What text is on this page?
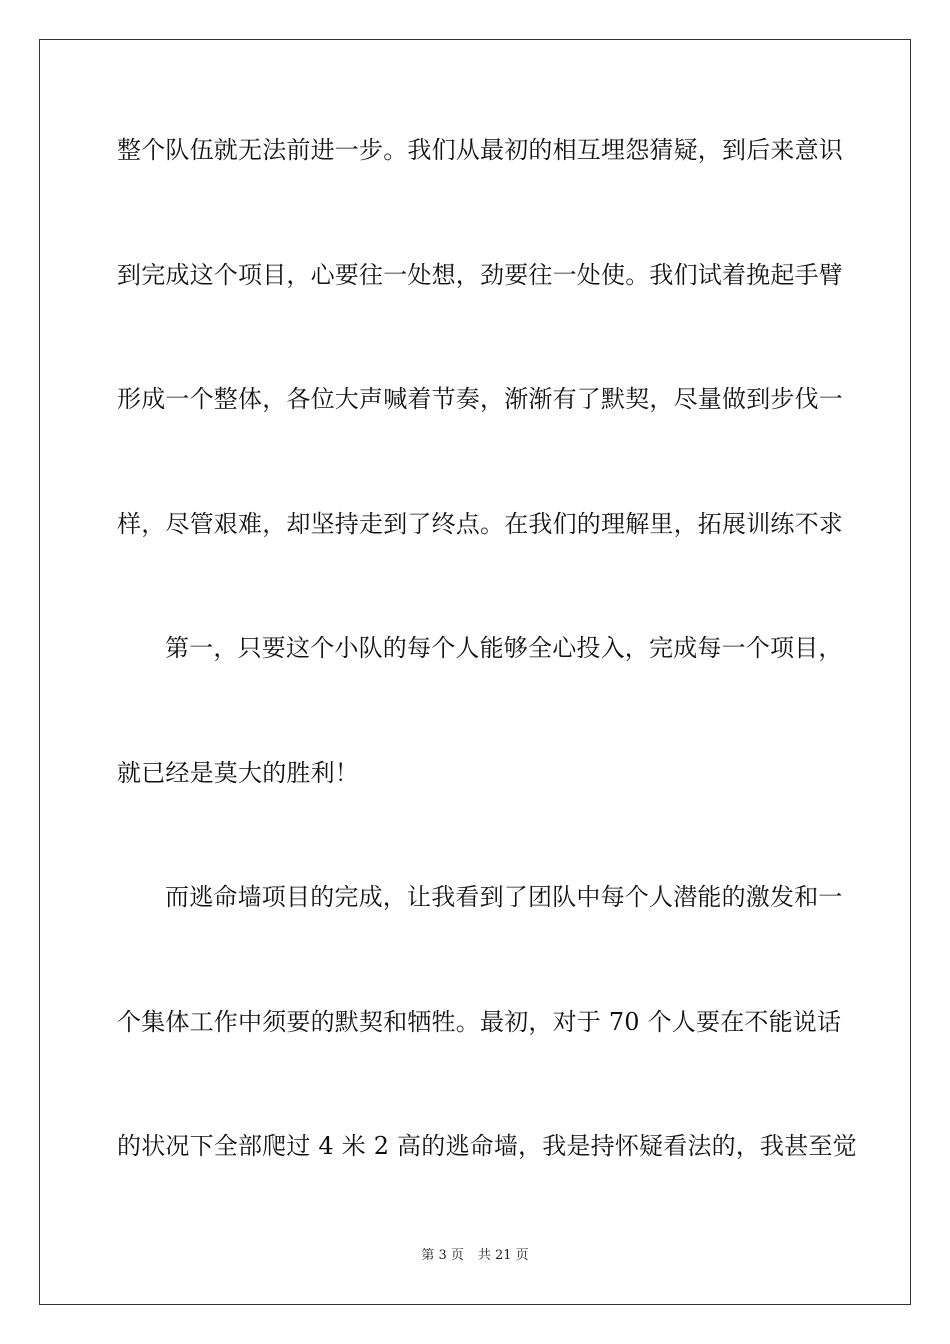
整个队伍就无法前进一步。我们从最初的相互埋怨猜疑，到后来意识
到完成这个项目，心要往一处想，劲要往一处使。我们试着挽起手臂
形成一个整体，各位大声喊着节奏，渐渐有了默契，尽量做到步伐一
样，尽管艰难，却坚持走到了终点。在我们的理解里，拓展训练不求
第一，只要这个小队的每个人能够全心投入，完成每一个项目，
就已经是莫大的胜利！
而逃命墙项目的完成，让我看到了团队中每个人潜能的激发和一
个集体工作中须要的默契和牺牲。最初，对于 70 个人要在不能说话
的状况下全部爬过 4 米 2 高的逃命墙，我是持怀疑看法的，我甚至觉
第 3 页 共 21 页
